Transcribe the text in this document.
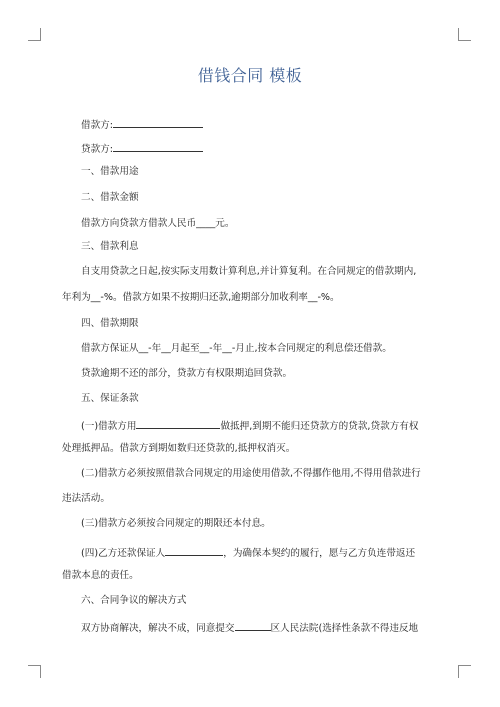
借钱合同 模板
借款方:
贷款方:
一、借款用途
二、借款金额
借款方向贷款方借款人民币____元。
三、借款利息
自支用贷款之日起,按实际支用数计算利息,并计算复利。在合同规定的借款期内,
年利为__-%。借款方如果不按期归还款,逾期部分加收利率__-%。
四、借款期限
借款方保证从__-年__月起至__-年__-月止,按本合同规定的利息偿还借款。
贷款逾期不还的部分，贷款方有权限期追回贷款。
五、保证条款
(一)借款方用	做抵押,到期不能归还贷款方的贷款,贷款方有权
处理抵押品。借款方到期如数归还贷款的,抵押权消灭。
(二)借款方必须按照借款合同规定的用途使用借款,不得挪作他用,不得用借款进行
违法活动。
(三)借款方必须按合同规定的期限还本付息。
(四)乙方还款保证人	，为确保本契约的履行，愿与乙方负连带返还
借款本息的责任。
六、合同争议的解决方式
双方协商解决，解决不成，同意提交	区人民法院(选择性条款不得违反地
